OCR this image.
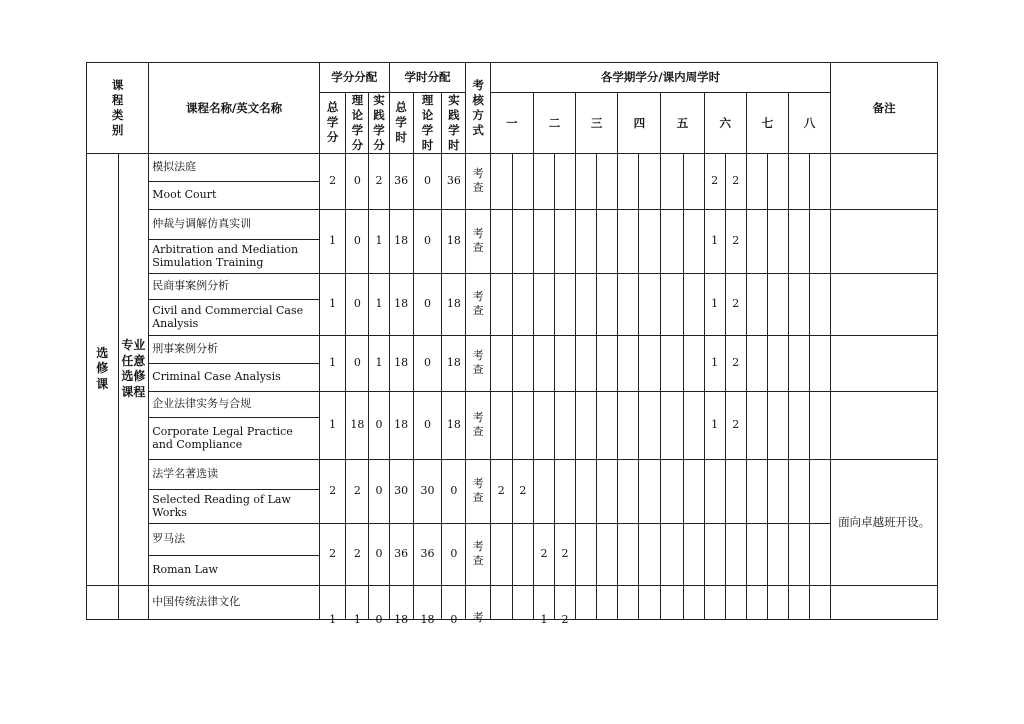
课程类别		课程名称/英文名称	学分分配			学时分配			考核方式	各学期学分/课内周学时																备注
			总学分	理论学分	实践学分	总学时	理论学时	实践学时		一		二		三		四		五		六		七		八		
选修课	专业任意选修课程	模拟法庭	2	0	2	36	0	36	考查											2	2					
		Moot Court																								
		仲裁与调解仿真实训	1	0	1	18	0	18	考查											1	2					
		Arbitration and Mediation Simulation Training																								
		民商事案例分析	1	0	1	18	0	18	考查											1	2					
		Civil and Commercial Case Analysis																								
		刑事案例分析	1	0	1	18	0	18	考查											1	2					
		Criminal Case Analysis																								
		企业法律实务与合规	1	18	0	18	0	18	考查											1	2					
		Corporate Legal Practice and Compliance																								
		法学名著选读	2	2	0	30	30	0	考查	2	2															面向卓越班开设。
		Selected Reading of Law Works																								
		罗马法	2	2	0	36	36	0	考查			2	2													
		Roman Law																								
		中国传统法律文化	1	1	0	18	18	0	考			1	2													
